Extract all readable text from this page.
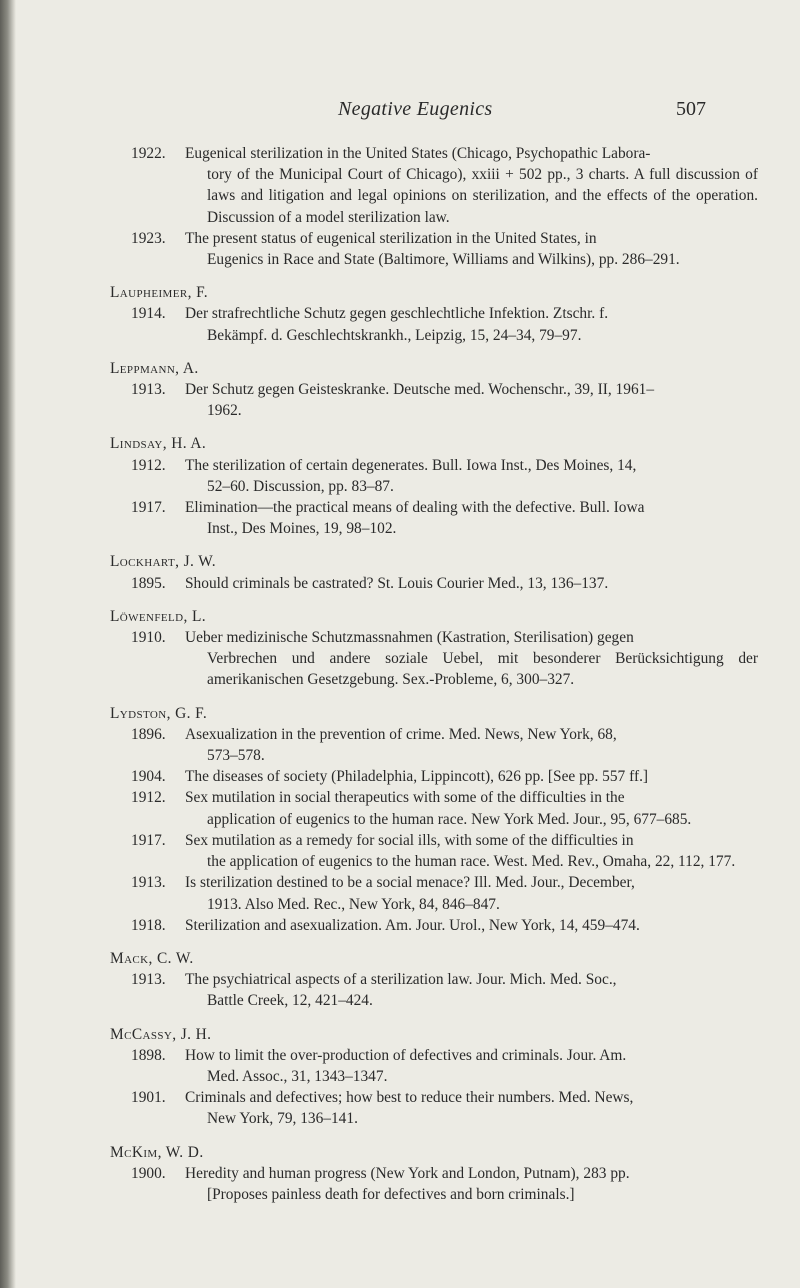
Negative Eugenics	507
1922. Eugenical sterilization in the United States (Chicago, Psychopathic Labora-
tory of the Municipal Court of Chicago), xxiii + 502 pp., 3 charts. A full discussion of laws and litigation and legal opinions on sterilization, and the effects of the operation. Discussion of a model sterilization law.
1923. The present status of eugenical sterilization in the United States, in
Eugenics in Race and State (Baltimore, Williams and Wilkins), pp. 286–291.
Laupheimer, F.
1914. Der strafrechtliche Schutz gegen geschlechtliche Infektion. Ztschr. f.
Bekämpf. d. Geschlechtskrankh., Leipzig, 15, 24–34, 79–97.
Leppmann, A.
1913. Der Schutz gegen Geisteskranke. Deutsche med. Wochenschr., 39, II, 1961–
1962.
Lindsay, H. A.
1912. The sterilization of certain degenerates. Bull. Iowa Inst., Des Moines, 14,
52–60. Discussion, pp. 83–87.
1917. Elimination—the practical means of dealing with the defective. Bull. Iowa
Inst., Des Moines, 19, 98–102.
Lockhart, J. W.
1895. Should criminals be castrated? St. Louis Courier Med., 13, 136–137.
Löwenfeld, L.
1910. Ueber medizinische Schutzmassnahmen (Kastration, Sterilisation) gegen
Verbrechen und andere soziale Uebel, mit besonderer Berücksichtigung der amerikanischen Gesetzgebung. Sex.-Probleme, 6, 300–327.
Lydston, G. F.
1896. Asexualization in the prevention of crime. Med. News, New York, 68,
573–578.
1904. The diseases of society (Philadelphia, Lippincott), 626 pp. [See pp. 557 ff.]
1912. Sex mutilation in social therapeutics with some of the difficulties in the
application of eugenics to the human race. New York Med. Jour., 95, 677–685.
1917. Sex mutilation as a remedy for social ills, with some of the difficulties in
the application of eugenics to the human race. West. Med. Rev., Omaha, 22, 112, 177.
1913. Is sterilization destined to be a social menace? Ill. Med. Jour., December,
1913. Also Med. Rec., New York, 84, 846–847.
1918. Sterilization and asexualization. Am. Jour. Urol., New York, 14, 459–474.
Mack, C. W.
1913. The psychiatrical aspects of a sterilization law. Jour. Mich. Med. Soc.,
Battle Creek, 12, 421–424.
McCassy, J. H.
1898. How to limit the over-production of defectives and criminals. Jour. Am.
Med. Assoc., 31, 1343–1347.
1901. Criminals and defectives; how best to reduce their numbers. Med. News,
New York, 79, 136–141.
McKim, W. D.
1900. Heredity and human progress (New York and London, Putnam), 283 pp.
[Proposes painless death for defectives and born criminals.]
